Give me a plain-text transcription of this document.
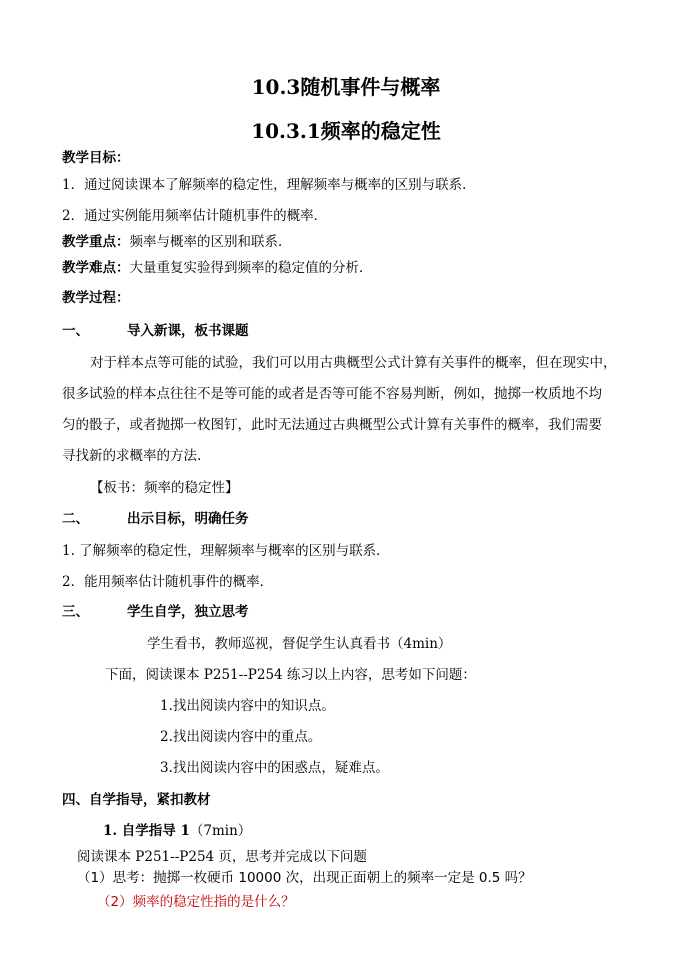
10.3随机事件与概率
10.3.1频率的稳定性
教学目标：
1．通过阅读课本了解频率的稳定性，理解频率与概率的区别与联系．
2．通过实例能用频率估计随机事件的概率．
教学重点：频率与概率的区别和联系．
教学难点：大量重复实验得到频率的稳定值的分析．
教学过程：
一、	导入新课，板书课题
对于样本点等可能的试验，我们可以用古典概型公式计算有关事件的概率，但在现实中，
很多试验的样本点往往不是等可能的或者是否等可能不容易判断，例如，抛掷一枚质地不均
匀的骰子，或者抛掷一枚图钉，此时无法通过古典概型公式计算有关事件的概率，我们需要
寻找新的求概率的方法.
【板书：频率的稳定性】
二、	出示目标，明确任务
1. 了解频率的稳定性，理解频率与概率的区别与联系．
2．能用频率估计随机事件的概率．
三、	学生自学，独立思考
学生看书，教师巡视，督促学生认真看书（4min）
下面，阅读课本 P251--P254 练习以上内容，思考如下问题：
1.找出阅读内容中的知识点。
2.找出阅读内容中的重点。
3.找出阅读内容中的困惑点，疑难点。
四、自学指导，紧扣教材
1. 自学指导 1（7min）
阅读课本 P251--P254 页，思考并完成以下问题
（1）思考：抛掷一枚硬币 10000 次，出现正面朝上的频率一定是 0.5 吗？
（2）频率的稳定性指的是什么？
